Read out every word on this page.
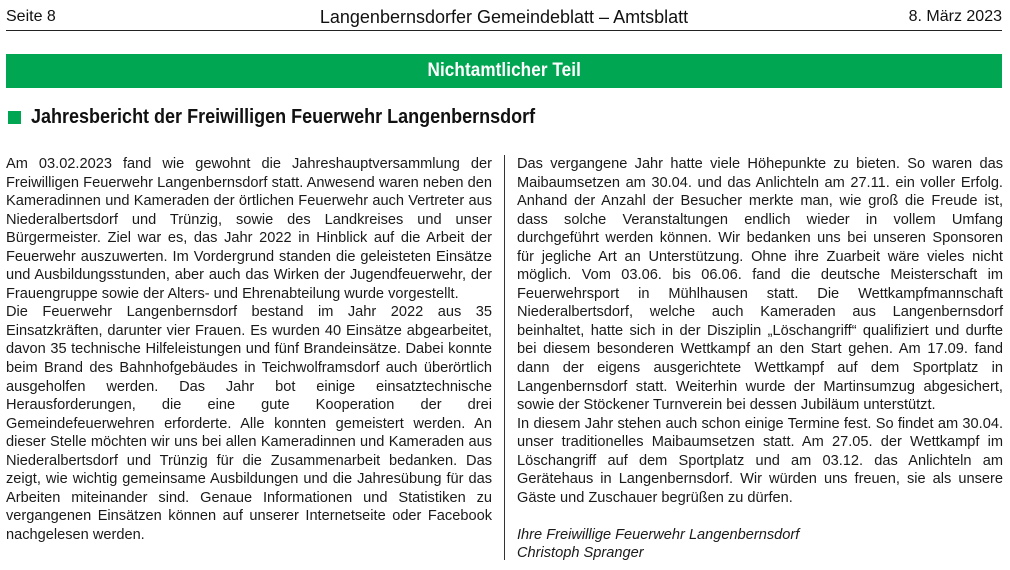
Seite 8	Langenbernsdorfer Gemeindeblatt – Amtsblatt	8. März 2023
Nichtamtlicher Teil
Jahresbericht der Freiwilligen Feuerwehr Langenbernsdorf

Am 03.02.2023 fand wie gewohnt die Jahreshauptversammlung der Freiwilligen Feuerwehr Langenbernsdorf statt. Anwesend waren neben den Kameradinnen und Kameraden der örtlichen Feuerwehr auch Vertreter aus Niederalbertsdorf und Trünzig, sowie des Landkreises und unser Bürgermeister. Ziel war es, das Jahr 2022 in Hinblick auf die Arbeit der Feuerwehr auszuwerten. Im Vordergrund standen die geleisteten Einsätze und Ausbildungsstunden, aber auch das Wirken der Jugendfeuerwehr, der Frauengruppe sowie der Alters- und Ehrenabteilung wurde vorgestellt.

Die Feuerwehr Langenbernsdorf bestand im Jahr 2022 aus 35 Einsatzkräften, darunter vier Frauen. Es wurden 40 Einsätze abgearbeitet, davon 35 technische Hilfeleistungen und fünf Brandeinsätze. Dabei konnte beim Brand des Bahnhofgebäudes in Teichwolframsdorf auch überörtlich ausgeholfen werden. Das Jahr bot einige einsatztechnische Herausforderungen, die eine gute Kooperation der drei Gemeindefeuerwehren erforderte. Alle konnten gemeistert werden. An dieser Stelle möchten wir uns bei allen Kameradinnen und Kameraden aus Niederalbertsdorf und Trünzig für die Zusammenarbeit bedanken. Das zeigt, wie wichtig gemeinsame Ausbildungen und die Jahresübung für das Arbeiten miteinander sind. Genaue Informationen und Statistiken zu vergangenen Einsätzen können auf unserer Internetseite oder Facebook nachgelesen werden.

Das vergangene Jahr hatte viele Höhepunkte zu bieten. So waren das Maibaumsetzen am 30.04. und das Anlichteln am 27.11. ein voller Erfolg. Anhand der Anzahl der Besucher merkte man, wie groß die Freude ist, dass solche Veranstaltungen endlich wieder in vollem Umfang durchgeführt werden können. Wir bedanken uns bei unseren Sponsoren für jegliche Art an Unterstützung. Ohne ihre Zuarbeit wäre vieles nicht möglich. Vom 03.06. bis 06.06. fand die deutsche Meisterschaft im Feuerwehrsport in Mühlhausen statt. Die Wettkampfmannschaft Niederalbertsdorf, welche auch Kameraden aus Langenbernsdorf beinhaltet, hatte sich in der Disziplin „Löschangriff“ qualifiziert und durfte bei diesem besonderen Wettkampf an den Start gehen. Am 17.09. fand dann der eigens ausgerichtete Wettkampf auf dem Sportplatz in Langenbernsdorf statt. Weiterhin wurde der Martinsumzug abgesichert, sowie der Stöckener Turnverein bei dessen Jubiläum unterstützt.

In diesem Jahr stehen auch schon einige Termine fest. So findet am 30.04. unser traditionelles Maibaumsetzen statt. Am 27.05. der Wettkampf im Löschangriff auf dem Sportplatz und am 03.12. das Anlichteln am Gerätehaus in Langenbernsdorf. Wir würden uns freuen, sie als unsere Gäste und Zuschauer begrüßen zu dürfen.

Ihre Freiwillige Feuerwehr Langenbernsdorf

Christoph Spranger
